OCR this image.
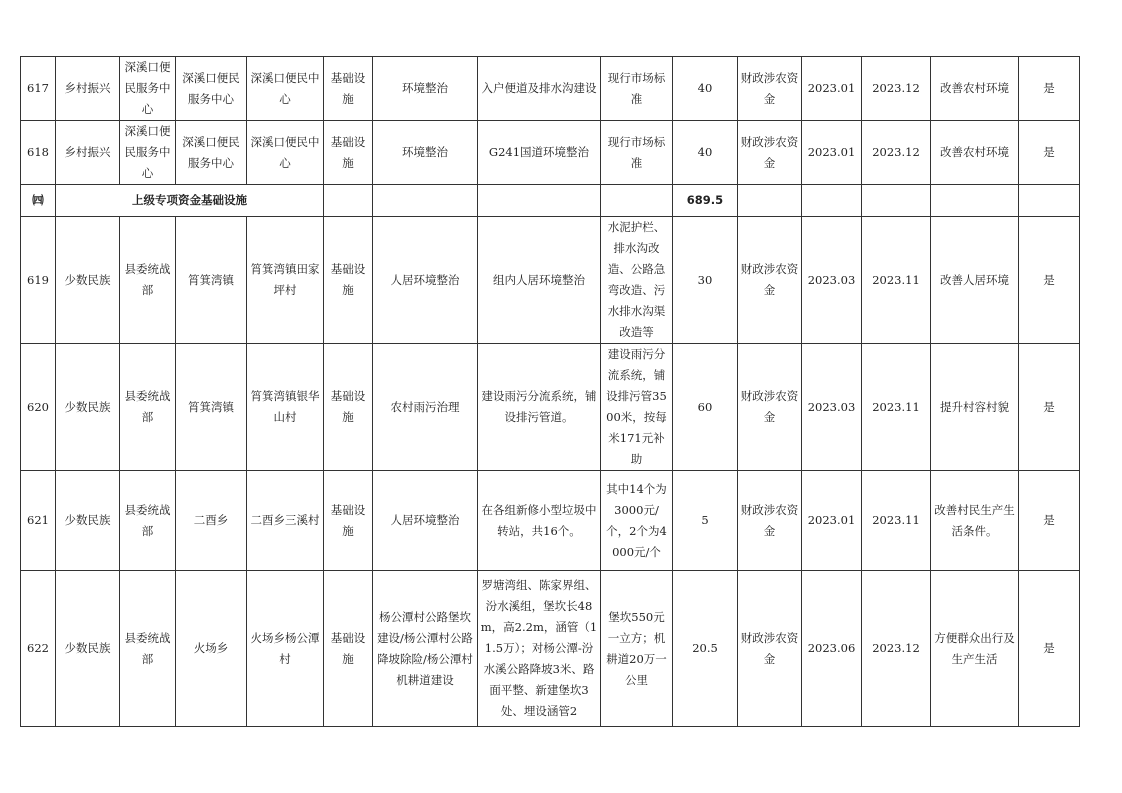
617	乡村振兴	深溪口便民服务中心	深溪口便民服务中心	深溪口便民中心	基础设施	环境整治	入户便道及排水沟建设	现行市场标准	40	财政涉农资金	2023.01	2023.12	改善农村环境	是
618	乡村振兴	深溪口便民服务中心	深溪口便民服务中心	深溪口便民中心	基础设施	环境整治	G241国道环境整治	现行市场标准	40	财政涉农资金	2023.01	2023.12	改善农村环境	是
㈣	上级专项资金基础设施								689.5					
619	少数民族	县委统战部	筲箕湾镇	筲箕湾镇田家坪村	基础设施	人居环境整治	组内人居环境整治	水泥护栏、排水沟改造、公路急弯改造、污水排水沟渠改造等	30	财政涉农资金	2023.03	2023.11	改善人居环境	是
620	少数民族	县委统战部	筲箕湾镇	筲箕湾镇银华山村	基础设施	农村雨污治理	建设雨污分流系统，铺设排污管道。	建设雨污分流系统，铺设排污管3500米，按每米171元补助	60	财政涉农资金	2023.03	2023.11	提升村容村貌	是
621	少数民族	县委统战部	二酉乡	二酉乡三溪村	基础设施	人居环境整治	在各组新修小型垃圾中转站，共16个。	其中14个为3000元/个，2个为4000元/个	5	财政涉农资金	2023.01	2023.11	改善村民生产生活条件。	是
622	少数民族	县委统战部	火场乡	火场乡杨公潭村	基础设施	杨公潭村公路堡坎建设/杨公潭村公路降坡除险/杨公潭村机耕道建设	罗塘湾组、陈家界组、汾水溪组，堡坎长48m，高2.2m，涵管（11.5万）；对杨公潭-汾水溪公路降坡3米、路面平整、新建堡坎3处、埋设涵管2	堡坎550元一立方；机耕道20万一公里	20.5	财政涉农资金	2023.06	2023.12	方便群众出行及生产生活	是
